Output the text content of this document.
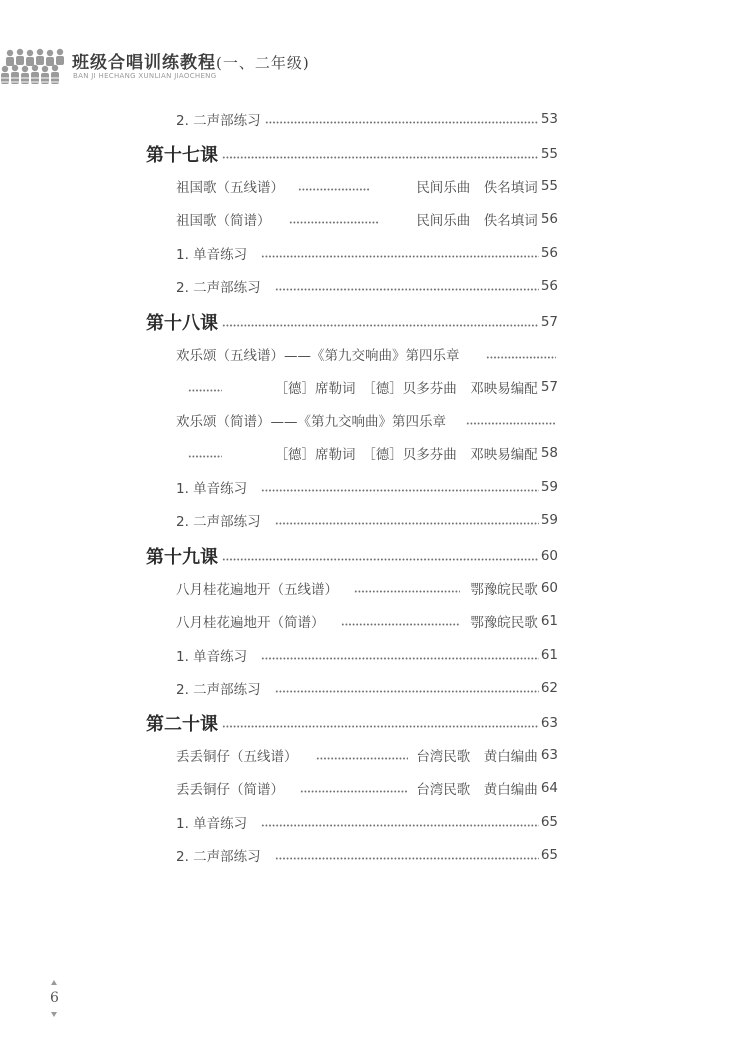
班级合唱训练教程(一、二年级)
BAN JI HECHANG XUNLIAN JIAOCHENG
2. 二声部练习	53
第十七课	55
祖国歌（五线谱）	民间乐曲　佚名填词 55
祖国歌（简谱）	民间乐曲　佚名填词 56
1. 单音练习	56
2. 二声部练习	56
第十八课	57
欢乐颂（五线谱）——《第九交响曲》第四乐章
［德］席勒词　［德］贝多芬曲　邓映易编配 57
欢乐颂（简谱）——《第九交响曲》第四乐章
［德］席勒词　［德］贝多芬曲　邓映易编配 58
1. 单音练习	59
2. 二声部练习	59
第十九课	60
八月桂花遍地开（五线谱）	鄂豫皖民歌 60
八月桂花遍地开（简谱）	鄂豫皖民歌 61
1. 单音练习	61
2. 二声部练习	62
第二十课	63
丢丢铜仔（五线谱）	台湾民歌　黄白编曲 63
丢丢铜仔（简谱）	台湾民歌　黄白编曲 64
1. 单音练习	65
2. 二声部练习	65
6
